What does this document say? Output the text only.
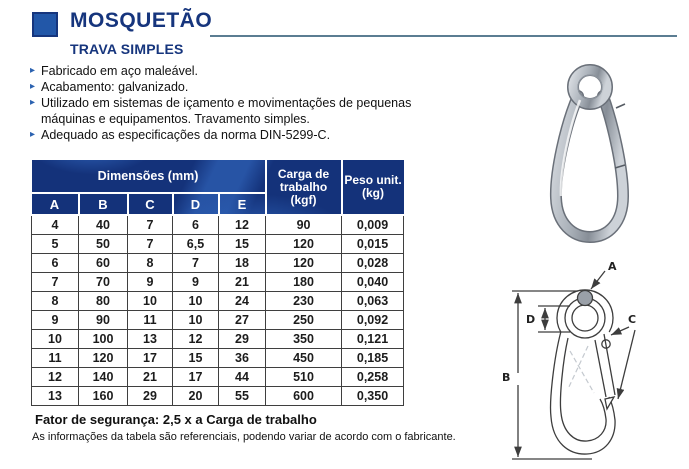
MOSQUETÃO
TRAVA SIMPLES
▸ Fabricado em aço maleável.
▸ Acabamento: galvanizado.
▸ Utilizado em sistemas de içamento e movimentações de pequenas máquinas e equipamentos. Travamento simples.
▸ Adequado as especificações da norma DIN-5299-C.
Dimensões (mm)					Carga de trabalho (kgf)	Peso unit. (kg)
A	B	C	D	E		
4	40	7	6	12	90	0,009
5	50	7	6,5	15	120	0,015
6	60	8	7	18	120	0,028
7	70	9	9	21	180	0,040
8	80	10	10	24	230	0,063
9	90	11	10	27	250	0,092
10	100	13	12	29	350	0,121
11	120	17	15	36	450	0,185
12	140	21	17	44	510	0,258
13	160	29	20	55	600	0,350

Fator de segurança: 2,5 x a Carga de trabalho

As informações da tabela são referenciais, podendo variar de acordo com o fabricante.

A
B
C
D
